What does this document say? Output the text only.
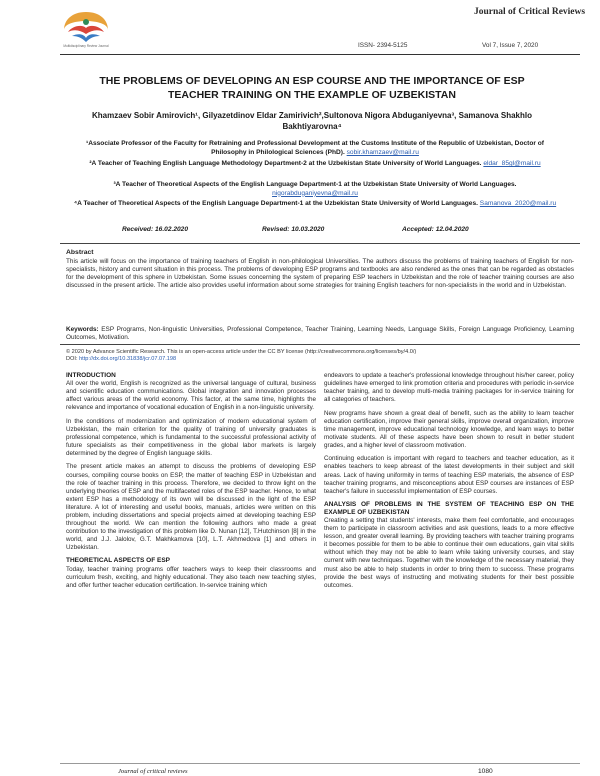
Multidisciplinary Review Journal
Journal of Critical Reviews
ISSN- 2394-5125	Vol 7, Issue 7, 2020
THE PROBLEMS OF DEVELOPING AN ESP COURSE AND THE IMPORTANCE OF ESP TEACHER TRAINING ON THE EXAMPLE OF UZBEKISTAN
Khamzaev Sobir Amirovich¹, Gilyazetdinov Eldar Zamirivich²,Sultonova Nigora Abduganiyevna³, Samanova Shakhlo Bakhtiyarovna⁴
¹Associate Professor of the Faculty for Retraining and Professional Development at the Customs Institute of the Republic of Uzbekistan, Doctor of Philosophy in Philological Sciences (PhD). sobir.khamzaev@mail.ru
²A Teacher of Teaching English Language Methodology Department-2 at the Uzbekistan State University of World Languages. eldar_85gl@mail.ru
³A Teacher of Theoretical Aspects of the English Language Department-1 at the Uzbekistan State University of World Languages. nigorabduganiyevna@mail.ru
⁴A Teacher of Theoretical Aspects of the English Language Department-1 at the Uzbekistan State University of World Languages. Samanova_2020@mail.ru
Received: 16.02.2020	Revised: 10.03.2020	Accepted: 12.04.2020
Abstract
This article will focus on the importance of training teachers of English in non-philological Universities. The authors discuss the problems of training teachers of English for non-specialists, history and current situation in this process. The problems of developing ESP programs and textbooks are also rendered as the ones that can be regarded as obstacles for the development of this sphere in Uzbekistan. Some issues concerning the system of preparing ESP teachers in Uzbekistan and the role of teacher training courses are also discussed in the present article. The article also provides useful information about some strategies for training English teachers for non-specialists in the world and in Uzbekistan.
Keywords: ESP Programs, Non-linguistic Universities, Professional Competence, Teacher Training, Learning Needs, Language Skills, Foreign Language Proficiency, Learning Outcomes, Motivation.
© 2020 by Advance Scientific Research. This is an open-access article under the CC BY license (http://creativecommons.org/licenses/by/4.0/)
DOI: http://dx.doi.org/10.31838/jcr.07.07.198
INTRODUCTION

All over the world, English is recognized as the universal language of cultural, business and scientific education communications. Global integration and innovation processes affect various areas of the world economy. This factor, at the same time, highlights the relevance and importance of vocational education of English in a non-linguistic university.

In the conditions of modernization and optimization of modern educational system of Uzbekistan, the main criterion for the quality of training of university graduates is professional competence, which is fundamental to the successful professional activity of future specialists as their competitiveness in the global labor markets is largely determined by the degree of English language skills.

The present article makes an attempt to discuss the problems of developing ESP courses, compiling course books on ESP, the matter of teaching ESP in Uzbekistan and the role of teacher training in this process. Therefore, we decided to throw light on the underlying theories of ESP and the multifaceted roles of the ESP teacher. Hence, to what extent ESP has a methodology of its own will be discussed in the light of the ESP literature. A lot of interesting and useful books, manuals, articles were written on this problem, including dissertations and special projects aimed at developing teaching ESP throughout the world. We can mention the following authors who made a great contribution to the investigation of this problem like D. Nunan [12], T.Hutchinson [8] in the world, and J.J. Jalolov, G.T. Makhkamova [10], L.T. Akhmedova [1] and others in Uzbekistan.

THEORETICAL ASPECTS OF ESP

Today, teacher training programs offer teachers ways to keep their classrooms and curriculum fresh, exciting, and highly educational. They also teach new teaching styles, and offer further teacher education certification. In-service training which

endeavors to update a teacher's professional knowledge throughout his/her career, policy guidelines have emerged to link promotion criteria and procedures with periodic in-service teacher training, and to develop multi-media training packages for in-service training for all categories of teachers.

New programs have shown a great deal of benefit, such as the ability to learn teacher education certification, improve their general skills, improve overall organization, improve time management, improve educational technology knowledge, and learn ways to better motivate students. All of these aspects have been shown to result in better student grades, and a higher level of classroom motivation.

Continuing education is important with regard to teachers and teacher education, as it enables teachers to keep abreast of the latest developments in their subject and skill areas. Lack of having uniformity in terms of teaching ESP materials, the absence of ESP teacher training programs, and misconceptions about ESP courses are instances of ESP teacher's failure in successful implementation of ESP courses.

ANALYSIS OF PROBLEMS IN THE SYSTEM OF TEACHING ESP ON THE EXAMPLE OF UZBEKISTAN

Creating a setting that students' interests, make them feel comfortable, and encourages them to participate in classroom activities and ask questions, leads to a more effective lesson, and greater overall learning. By providing teachers with teacher training programs it becomes possible for them to be able to continue their own educations, gain vital skills without which they may not be able to learn while taking university courses, and stay current with new techniques. Together with the knowledge of the necessary material, they must also be able to help students in order to bring them to success. These programs provide the best ways of instructing and motivating students for their best possible outcomes.

Journal of critical reviews	1080
